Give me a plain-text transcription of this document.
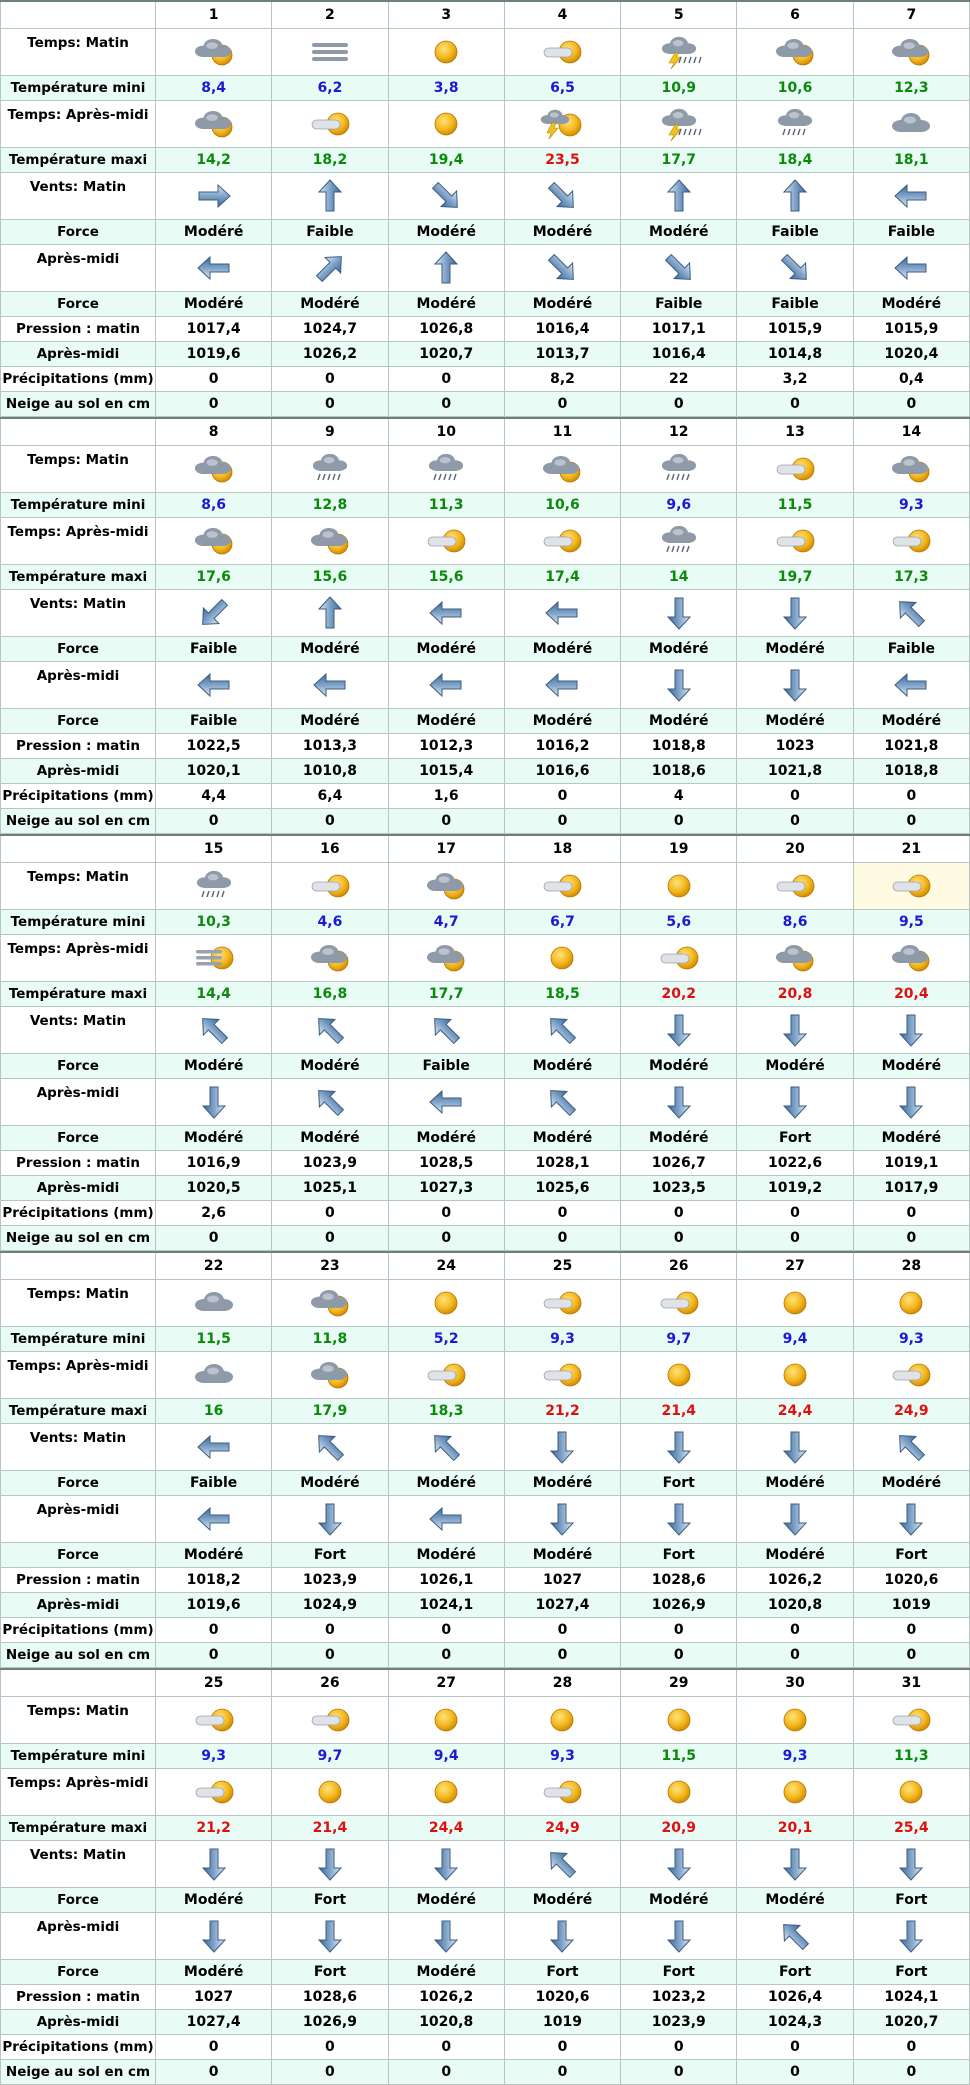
	1	2	3	4	5	6	7
Temps: Matin	

Température mini	8,4	6,2	3,8	6,5	10,9	10,6	12,3
Temps: Après-midi	

Température maxi	14,2	18,2	19,4	23,5	17,7	18,4	18,1
Vents: Matin	

Force	Modéré	Faible	Modéré	Modéré	Modéré	Faible	Faible
Après-midi	

Force	Modéré	Modéré	Modéré	Modéré	Faible	Faible	Modéré
Pression : matin	1017,4	1024,7	1026,8	1016,4	1017,1	1015,9	1015,9
Après-midi	1019,6	1026,2	1020,7	1013,7	1016,4	1014,8	1020,4
Précipitations (mm)	0	0	0	8,2	22	3,2	0,4
Neige au sol en cm	0	0	0	0	0	0	0
	8	9	10	11	12	13	14
Temps: Matin	

Température mini	8,6	12,8	11,3	10,6	9,6	11,5	9,3
Temps: Après-midi	

Température maxi	17,6	15,6	15,6	17,4	14	19,7	17,3
Vents: Matin	

Force	Faible	Modéré	Modéré	Modéré	Modéré	Modéré	Faible
Après-midi	

Force	Faible	Modéré	Modéré	Modéré	Modéré	Modéré	Modéré
Pression : matin	1022,5	1013,3	1012,3	1016,2	1018,8	1023	1021,8
Après-midi	1020,1	1010,8	1015,4	1016,6	1018,6	1021,8	1018,8
Précipitations (mm)	4,4	6,4	1,6	0	4	0	0
Neige au sol en cm	0	0	0	0	0	0	0
	15	16	17	18	19	20	21
Temps: Matin	

Température mini	10,3	4,6	4,7	6,7	5,6	8,6	9,5
Temps: Après-midi	

Température maxi	14,4	16,8	17,7	18,5	20,2	20,8	20,4
Vents: Matin	

Force	Modéré	Modéré	Faible	Modéré	Modéré	Modéré	Modéré
Après-midi	

Force	Modéré	Modéré	Modéré	Modéré	Modéré	Fort	Modéré
Pression : matin	1016,9	1023,9	1028,5	1028,1	1026,7	1022,6	1019,1
Après-midi	1020,5	1025,1	1027,3	1025,6	1023,5	1019,2	1017,9
Précipitations (mm)	2,6	0	0	0	0	0	0
Neige au sol en cm	0	0	0	0	0	0	0
	22	23	24	25	26	27	28
Temps: Matin	

Température mini	11,5	11,8	5,2	9,3	9,7	9,4	9,3
Temps: Après-midi	

Température maxi	16	17,9	18,3	21,2	21,4	24,4	24,9
Vents: Matin	

Force	Faible	Modéré	Modéré	Modéré	Fort	Modéré	Modéré
Après-midi	

Force	Modéré	Fort	Modéré	Modéré	Fort	Modéré	Fort
Pression : matin	1018,2	1023,9	1026,1	1027	1028,6	1026,2	1020,6
Après-midi	1019,6	1024,9	1024,1	1027,4	1026,9	1020,8	1019
Précipitations (mm)	0	0	0	0	0	0	0
Neige au sol en cm	0	0	0	0	0	0	0
	25	26	27	28	29	30	31
Temps: Matin	

Température mini	9,3	9,7	9,4	9,3	11,5	9,3	11,3
Temps: Après-midi	

Température maxi	21,2	21,4	24,4	24,9	20,9	20,1	25,4
Vents: Matin	

Force	Modéré	Fort	Modéré	Modéré	Modéré	Modéré	Fort
Après-midi	

Force	Modéré	Fort	Modéré	Fort	Fort	Fort	Fort
Pression : matin	1027	1028,6	1026,2	1020,6	1023,2	1026,4	1024,1
Après-midi	1027,4	1026,9	1020,8	1019	1023,9	1024,3	1020,7
Précipitations (mm)	0	0	0	0	0	0	0
Neige au sol en cm	0	0	0	0	0	0	0
